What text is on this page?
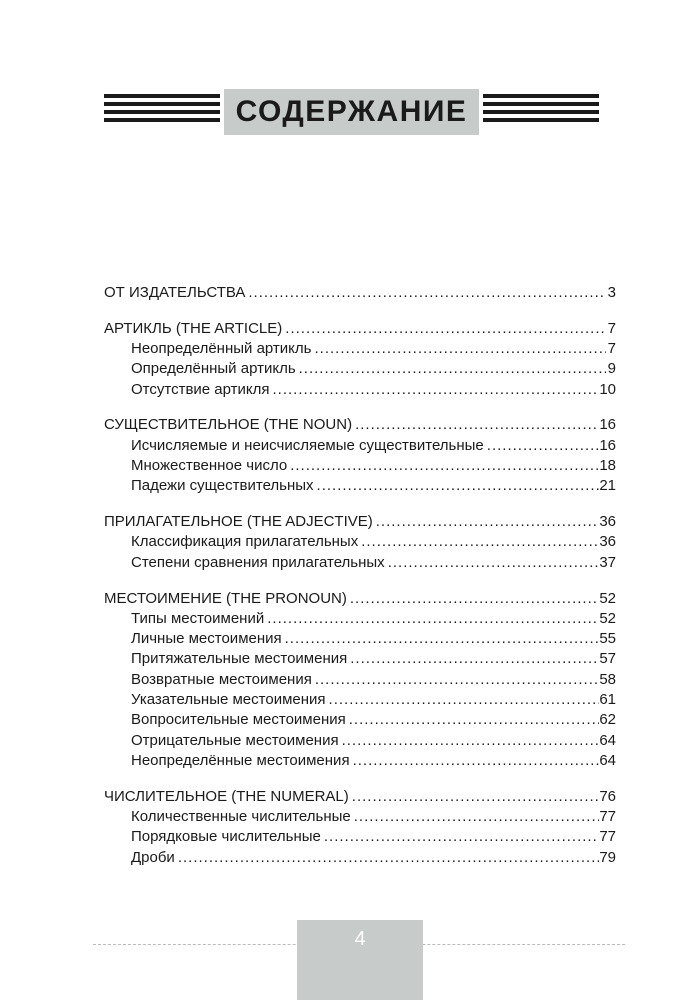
СОДЕРЖАНИЕ
ОТ ИЗДАТЕЛЬСТВА .....	3
АРТИКЛЬ (THE ARTICLE) .....	7
Неопределённый артикль .....	7
Определённый артикль .....	9
Отсутствие артикля .....	10
СУЩЕСТВИТЕЛЬНОЕ (THE NOUN) .....	16
Исчисляемые и неисчисляемые существительные .....	16
Множественное число .....	18
Падежи существительных .....	21
ПРИЛАГАТЕЛЬНОЕ (THE ADJECTIVE) .....	36
Классификация прилагательных .....	36
Степени сравнения прилагательных .....	37
МЕСТОИМЕНИЕ (THE PRONOUN) .....	52
Типы местоимений .....	52
Личные местоимения .....	55
Притяжательные местоимения .....	57
Возвратные местоимения .....	58
Указательные местоимения .....	61
Вопросительные местоимения .....	62
Отрицательные местоимения .....	64
Неопределённые местоимения .....	64
ЧИСЛИТЕЛЬНОЕ (THE NUMERAL) .....	76
Количественные числительные .....	77
Порядковые числительные .....	77
Дроби .....	79
4
